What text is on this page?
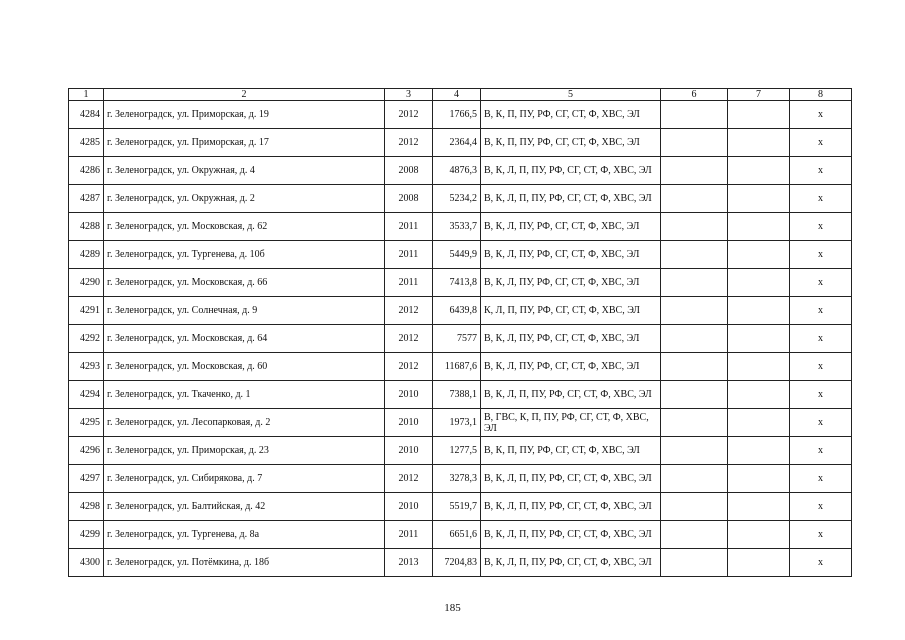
1	2	3	4	5	6	7	8
4284	г. Зеленоградск, ул. Приморская, д. 19	2012	1766,5	В, К, П, ПУ, РФ, СГ, СТ, Ф, ХВС, ЭЛ			х
4285	г. Зеленоградск, ул. Приморская, д. 17	2012	2364,4	В, К, П, ПУ, РФ, СГ, СТ, Ф, ХВС, ЭЛ			х
4286	г. Зеленоградск, ул. Окружная, д. 4	2008	4876,3	В, К, Л, П, ПУ, РФ, СГ, СТ, Ф, ХВС, ЭЛ			х
4287	г. Зеленоградск, ул. Окружная, д. 2	2008	5234,2	В, К, Л, П, ПУ, РФ, СГ, СТ, Ф, ХВС, ЭЛ			х
4288	г. Зеленоградск, ул. Московская, д. 62	2011	3533,7	В, К, Л, ПУ, РФ, СГ, СТ, Ф, ХВС, ЭЛ			х
4289	г. Зеленоградск, ул. Тургенева, д. 10б	2011	5449,9	В, К, Л, ПУ, РФ, СГ, СТ, Ф, ХВС, ЭЛ			х
4290	г. Зеленоградск, ул. Московская, д. 66	2011	7413,8	В, К, Л, ПУ, РФ, СГ, СТ, Ф, ХВС, ЭЛ			х
4291	г. Зеленоградск, ул. Солнечная, д. 9	2012	6439,8	К, Л, П, ПУ, РФ, СГ, СТ, Ф, ХВС, ЭЛ			х
4292	г. Зеленоградск, ул. Московская, д. 64	2012	7577	В, К, Л, ПУ, РФ, СГ, СТ, Ф, ХВС, ЭЛ			х
4293	г. Зеленоградск, ул. Московская, д. 60	2012	11687,6	В, К, Л, ПУ, РФ, СГ, СТ, Ф, ХВС, ЭЛ			х
4294	г. Зеленоградск, ул. Ткаченко, д. 1	2010	7388,1	В, К, Л, П, ПУ, РФ, СГ, СТ, Ф, ХВС, ЭЛ			х
4295	г. Зеленоградск, ул. Лесопарковая, д. 2	2010	1973,1	В, ГВС, К, П, ПУ, РФ, СГ, СТ, Ф, ХВС, ЭЛ			х
4296	г. Зеленоградск, ул. Приморская, д. 23	2010	1277,5	В, К, П, ПУ, РФ, СГ, СТ, Ф, ХВС, ЭЛ			х
4297	г. Зеленоградск, ул. Сибирякова, д. 7	2012	3278,3	В, К, Л, П, ПУ, РФ, СГ, СТ, Ф, ХВС, ЭЛ			х
4298	г. Зеленоградск, ул. Балтийская, д. 42	2010	5519,7	В, К, Л, П, ПУ, РФ, СГ, СТ, Ф, ХВС, ЭЛ			х
4299	г. Зеленоградск, ул. Тургенева, д. 8а	2011	6651,6	В, К, Л, П, ПУ, РФ, СГ, СТ, Ф, ХВС, ЭЛ			х
4300	г. Зеленоградск, ул. Потёмкина, д. 18б	2013	7204,83	В, К, Л, П, ПУ, РФ, СГ, СТ, Ф, ХВС, ЭЛ			х
185
